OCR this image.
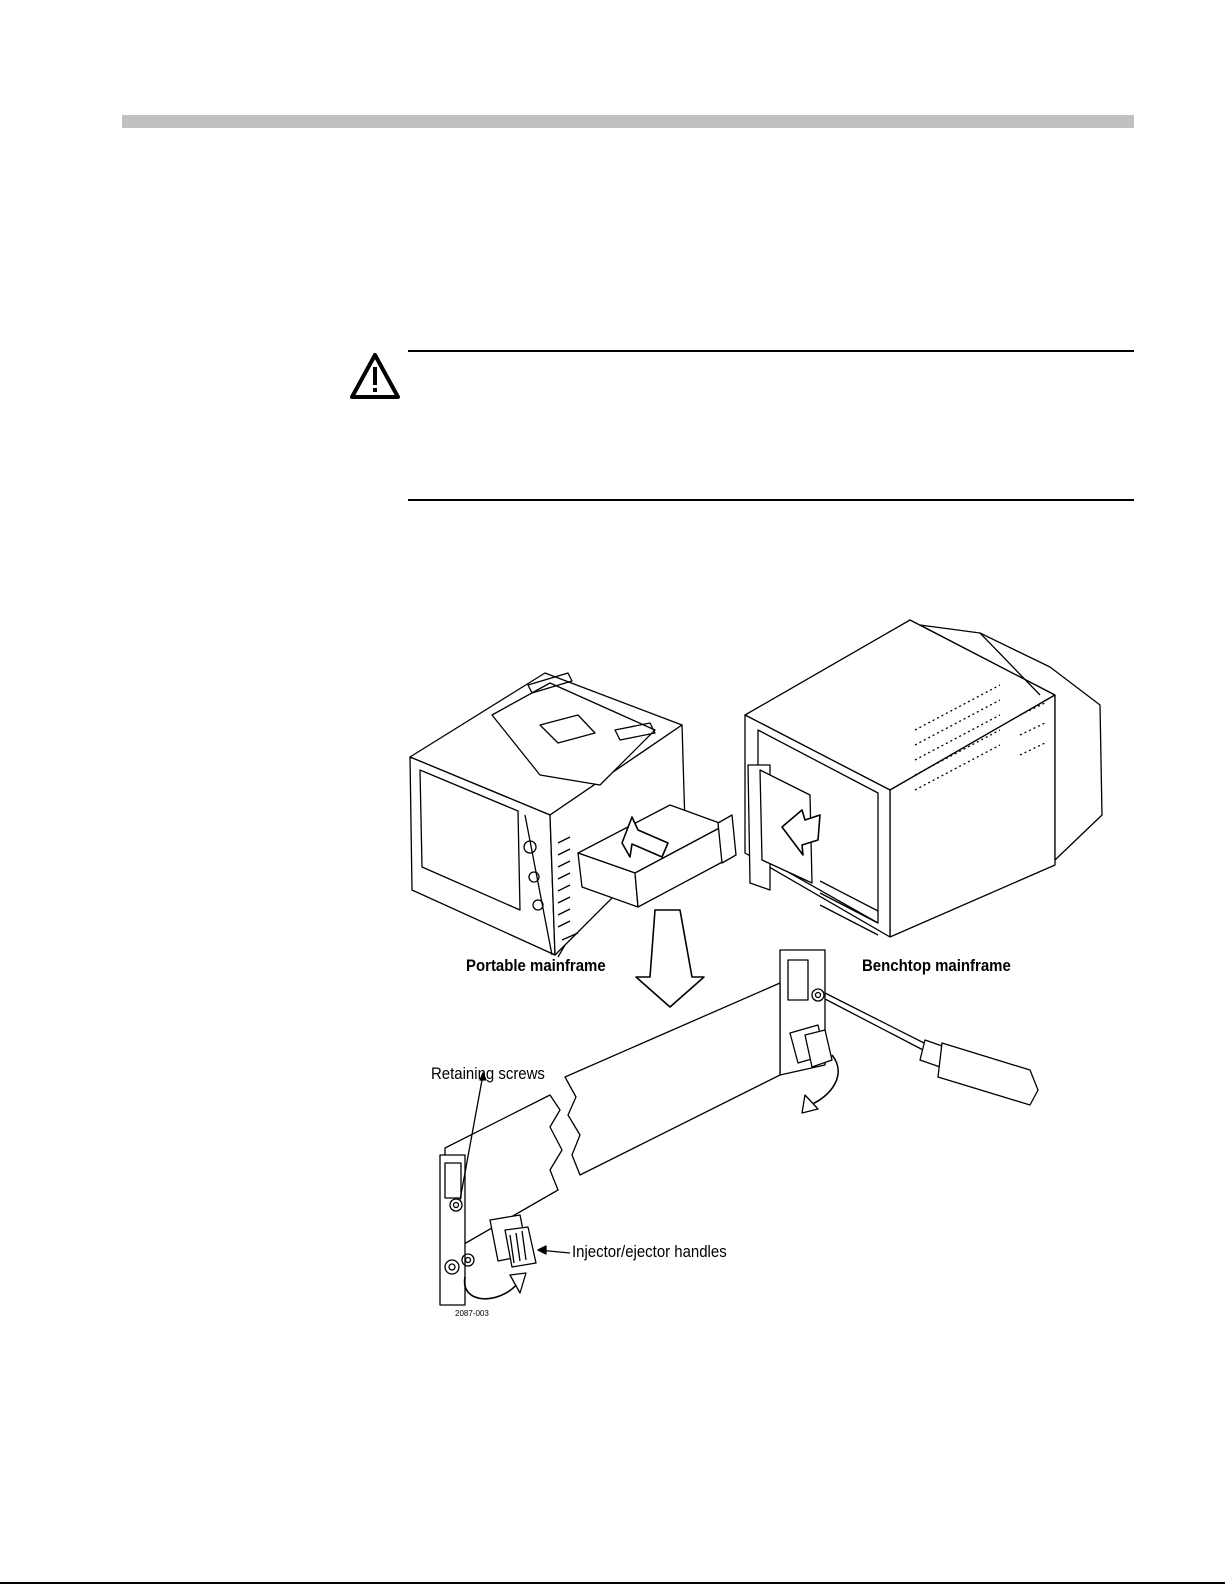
Portable mainframe	Benchtop mainframe
Retaining screws
Injector/ejector handles
2087-003
